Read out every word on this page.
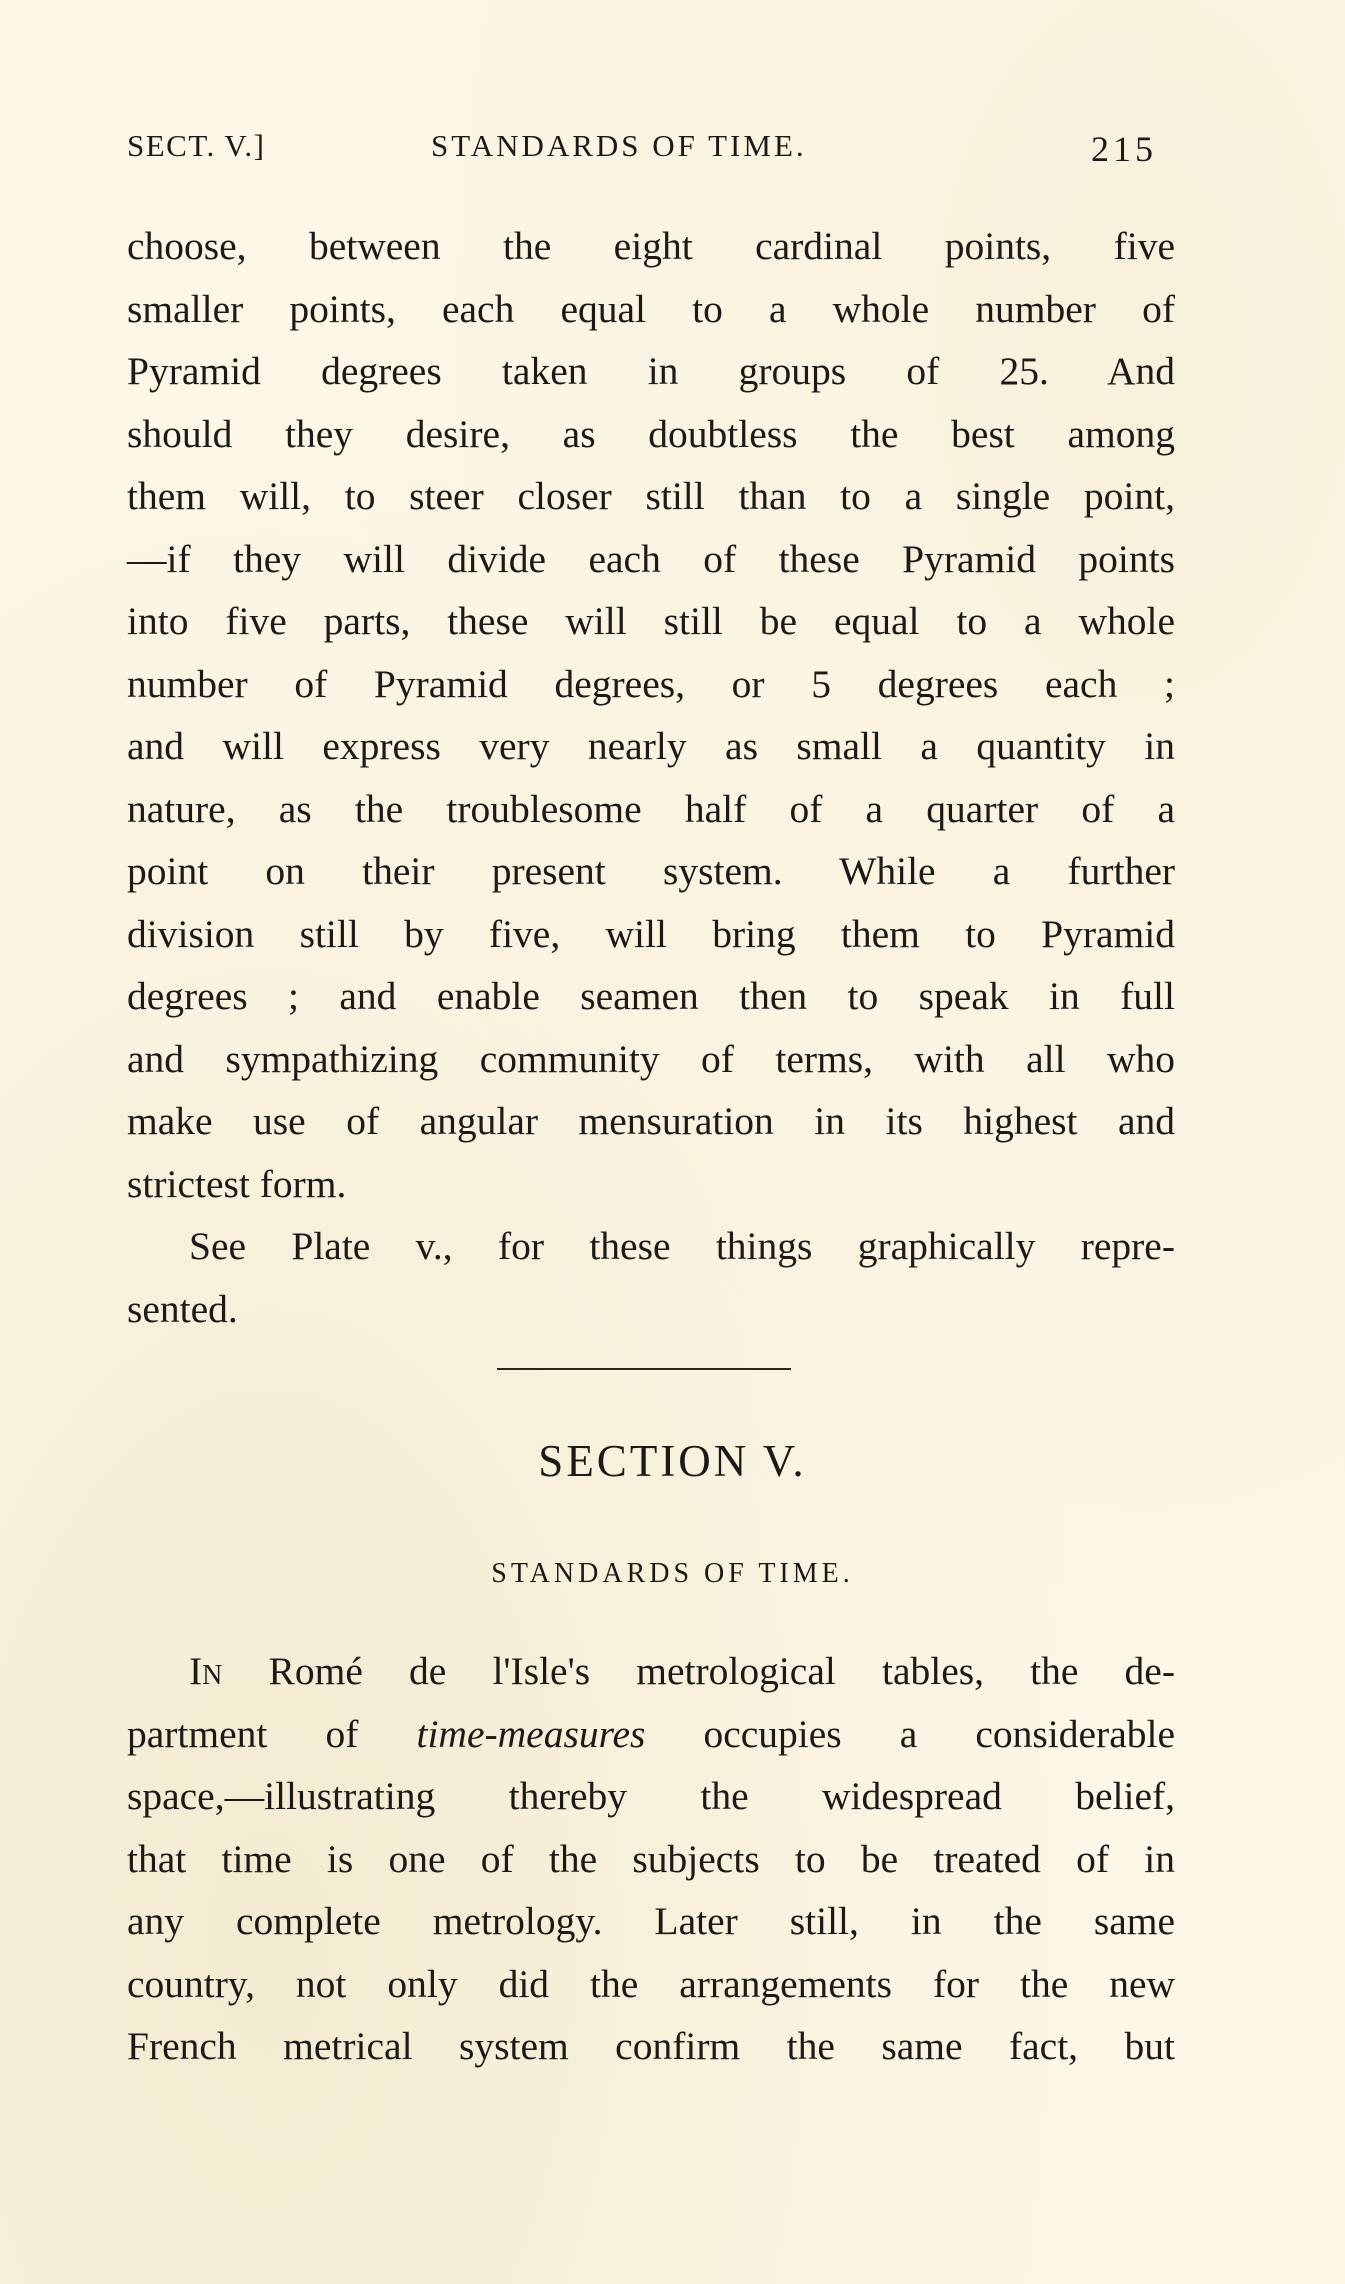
SECT. V.]	STANDARDS OF TIME.	215
choose, between the eight cardinal points, five
smaller points, each equal to a whole number of
Pyramid degrees taken in groups of 25. And
should they desire, as doubtless the best among
them will, to steer closer still than to a single point,
—if they will divide each of these Pyramid points
into five parts, these will still be equal to a whole
number of Pyramid degrees, or 5 degrees each ;
and will express very nearly as small a quantity in
nature, as the troublesome half of a quarter of a
point on their present system. While a further
division still by five, will bring them to Pyramid
degrees ; and enable seamen then to speak in full
and sympathizing community of terms, with all who
make use of angular mensuration in its highest and
strictest form.
See Plate v., for these things graphically repre-
sented.
SECTION V.
STANDARDS OF TIME.
In Romé de l'Isle's metrological tables, the de-
partment of time-measures occupies a considerable
space,—illustrating thereby the widespread belief,
that time is one of the subjects to be treated of in
any complete metrology. Later still, in the same
country, not only did the arrangements for the new
French metrical system confirm the same fact, but
